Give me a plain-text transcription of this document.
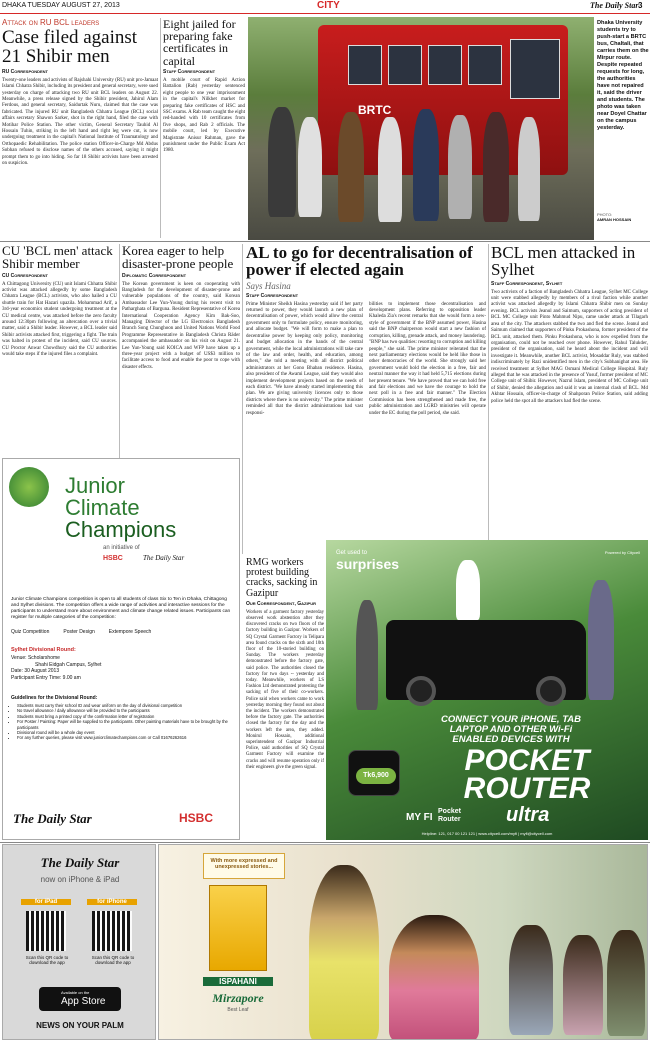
DHAKA TUESDAY AUGUST 27, 2013	CITY	The Daily Star 3
Attack on RU BCL leaders
Case filed against 21 Shibir men
RU Correspondent
Twenty-one leaders and activists of Rajshahi University (RU) unit pro-Jamaat Islami Chhatra Shibir, including its president and general secretary, were sued yesterday on charge of attacking two RU unit BCL leaders on August 22. Meanwhile, a press release signed by the Shibir president, Jahirul Alam Ferdous, and general secretary, Saidurtak Nuru, claimed that the case was fabricated. The injured RU unit Bangladesh Chhatra League (BCL) social affairs secretary Shawon Sarker, shot in the right hand, filed the case with Motihar Police Station. The other victim, General Secretary Tauhid Al Hossain Tuhin, striking in the left hand and right leg were cut, is now undergoing treatment in the capital's National Institute of Traumatology and Orthopaedic Rehabilitation. The police station Officer-in-Charge Md Abdus Sobhan refused to disclose names of the others accused, saying it might prompt them to go into hiding. So far 18 Shibir activists have been arrested on suspicion.
Eight jailed for preparing fake certificates in capital
Staff Correspondent
A mobile court of Rapid Action Battalion (Rab) yesterday sentenced eight people to one year imprisonment in the capital's Nilkhet market for preparing fake certificates of HSC and SSC exams. A Rab team caught the eight red-handed with 10 certificates from five shops, and Rab 2 officials. The mobile court, led by Executive Magistrate Anisur Rahman, gave the punishment under the Public Exam Act 1980.
BRTC
Dhaka University students try to push-start a BRTC bus, Chaltali, that carries them on the Mirpur route. Despite repeated requests for long, the authorities have not repaired it, said the driver and students. The photo was taken near Doyel Chattar on the campus yesterday.
PHOTO:
AMRAN HOSSAIN
CU 'BCL men' attack Shibir member
CU Correspondent
A Chittagong University (CU) unit Islami Chhatra Shibir activist was attacked allegedly by some Bangladesh Chhatra League (BCL) activists, who also hailed a CU shuttle train for Hat Hazari upazila. Mohammad Arif, a 3rd-year economics student undergoing treatment at the CU medical centre, was attacked before the zero faculty around 12:30pm following an altercation over a trivial matter, said a Shibir leader. However, a BCL leader said Shibir activists attacked first, triggering a fight. The train was halted in protest of the incident, said CU sources. CU Proctor Anwar Chowdhury said the CU authorities would take steps if the injured files a complaint.
Korea eager to help disaster-prone people
Diplomatic Correspondent
The Korean government is keen on cooperating with Bangladesh for the development of disaster-prone and vulnerable populations of the country, said Korean Ambassador Lee Yun-Young during his recent visit to Patharghata of Barguna. Resident Representative of Korea International Cooperation Agency Kim Bak-Soo, Managing Director of the LG Electronics Bangladesh Branch Song Chunghoon and United Nations World Food Programme Representative in Bangladesh Christa Räder accompanied the ambassador on his visit on August 21. Lee Yun-Young said KOICA and WFP have taken up a three-year project with a budget of US$3 million to facilitate access to food and enable the poor to cope with disaster effects.
AL to go for decentralisation of power if elected again
Says Hasina
Staff Correspondent
Prime Minister Sheikh Hasina yesterday said if her party returned to power, they would launch a new plan of decentralisation of power, which would allow the central government only to formulate policy, ensure monitoring, and allocate budget. "We will form to make a plan to decentralise power by keeping only policy, monitoring and budget allocation in the hands of the central government, while the local administrations will take care of the law and order, health, and education, among others," she told a meeting with all district political administrators at her Gono Bhaban residence. Hasina, also president of the Awami League, said they would also implement development projects based on the needs of each district. "We have already started implementing this plan. We are giving university licences only to those districts where there is no university." The prime minister reminded all that the district administrations had vast responsi-
bilities to implement those decentralisation and development plans. Referring to opposition leader Khaleda Zia's recent remarks that she would form a new-style of government if the BNP assumed power, Hasina said the BNP chairperson would start a new fashion of corruption, killing, grenade attack, and money laundering. "BNP has two qualities: resorting to corruption and killing people," she said. The prime minister reiterated that the next parliamentary elections would be held like those in other democracies of the world. She strongly said her government would hold the election in a free, fair and neutral manner the way it had held 5,715 elections during her present tenure. "We have proved that we can hold free and fair elections and we have the courage to hold the next poll in a free and fair manner." The Election Commission has been strengthened and made free, the public administration and LGRD ministries will operate under the EC during the poll period, she said.
BCL men attacked in Sylhet
Staff Correspondent, Sylhet
Two activists of a faction of Bangladesh Chhatra League, Sylhet MC College unit were stabbed allegedly by members of a rival faction while another activist was attacked allegedly by Islami Chhatra Shibir men on Sunday evening. BCL activists Jeanul and Saimum, supporters of acting president of BCL MC College unit Pinto Mahmud Nipu, came under attack at Tilagarh area of the city. The attackers stabbed the two and fled the scene. Jeanul and Saimum claimed that supporters of Pinku Prokashona, former president of the BCL unit, attacked them. Pinku Prokashona, who is now expelled from the organisation, could not be reached over phone. However, Rahul Talukder, president of the organisation, said he heard about the incident and will investigate it. Meanwhile, another BCL activist, Mosaddar Ruly, was stabbed indiscriminately by Razi unidentified men in the city's Subhanighat area. He received treatment at Sylhet MAG Osmani Medical College Hospital. Ruly alleged that he was attacked in the presence of Yusuf, former president of MC College unit of Shibir. However, Nazrul Islam, president of MC College unit of Shibir, denied the allegation and said it was an internal clash of BCL. Md Akhtar Hossain, officer-in-charge of Shahporan Police Station, said adding police held the spot all the attackers had fled the scene.
Junior
Climate
Champions
an initiative of
HSBC	The Daily Star
Junior Climate Champions competition is open to all students of class Six to Ten in Dhaka, Chittagong and Sylhet divisions. The competition offers a wide range of activities and interactive sessions for the participants to understand more about environment and climate change related issues. Participants can register for multiple categories of the competition:
Quiz Competition	Poster Design	Extempore Speech
Sylhet Divisional Round:
Venue: Scholarshome
Shahi Eidgah Campus, Sylhet
Date: 30 August 2013
Participant Entry Time: 9.00 am
Guidelines for the Divisional Round:
• Students must carry their school ID and wear uniform on the day of divisional competition
• No travel allowance / daily allowance will be provided to the participants
• Students must bring a printed copy of the confirmation letter of registration
• For Poster / Painting: Paper will be supplied to the participants. Other painting materials have to be brought by the participants
• Divisional round will be a whole day event
• For any further queries, please visit www.juniorclimatechampions.com or Call 01676262616
The Daily Star	HSBC
RMG workers protest building cracks, sacking in Gazipur
Our Correspondent, Gazipur
Workers of a garment factory yesterday observed work abstention after they discovered cracks on two floors of the factory building in Gazipur. Workers of SQ Crystal Garment Factory in Telipara area found cracks on the sixth and 10th floor of the 10-storied building on Sunday. The workers yesterday demonstrated before the factory gate, said police. The authorities closed the factory for two days -- yesterday and today. Meanwhile, workers of LS Fashion Ltd demonstrated protesting the sacking of five of their co-workers. Police said when workers came to work yesterday morning they found out about the incident. The workers demonstrated before the factory gate. The authorities closed the factory for the day and the workers left the area, they added. Monirul Hossain, additional superintendent of Gazipur Industrial Police, said authorities of SQ Crystal Garment Factory will examine the cracks and will resume operation only if their engineers give the green signal.
Get used to
surprises
Powered by Citycell
CONNECT YOUR iPHONE, TAB
LAPTOP AND OTHER Wi-Fi
ENABLED DEVICES WITH
POCKET
ROUTER
Tk6,900
MY FI
Pocket Router	ultra
Helpline: 121, 017 00 121 121 | www.citycell.com/myfi | myfi@citycell.com
The Daily Star
now on iPhone & iPad
for iPad	for iPhone
Scan this QR code to download the app
Scan this QR code to download the app
Available on the
App Store
NEWS ON YOUR PALM
With more expressed and unexpressed stories...
ISPAHANI
Mirzapore
Best Leaf
